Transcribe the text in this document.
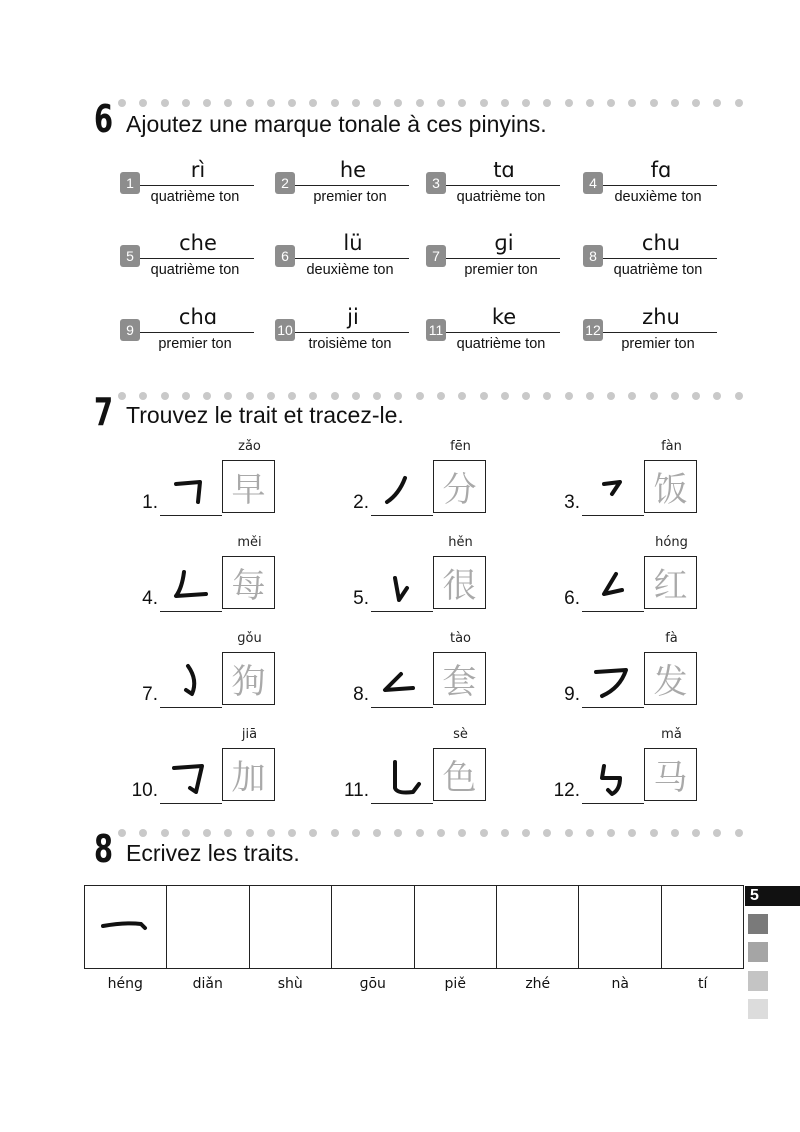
6 Ajoutez une marque tonale à ces pinyins.
1
rì
quatrième ton
2
he
premier ton
3
tɑ
quatrième ton
4
fɑ
deuxième ton
5
che
quatrième ton
6
lü
deuxième ton
7
ɡi
premier ton
8
chu
quatrième ton
9
chɑ
premier ton
10
ji
troisième ton
11
ke
quatrième ton
12
zhu
premier ton
7 Trouvez le trait et tracez-le.
1.
zǎo
早	2.
fēn
分	3.
fàn
饭
4.
měi
每	5.
hěn
很	6.
hóng
红
7.
ɡǒu
狗	8.
tào
套	9.
fà
发
10.
jiā
加	11.
sè
色	12.
mǎ
马
8 Ecrivez les traits.
héng	diǎn	shù	ɡōu	piě	zhé	nà	tí
5
